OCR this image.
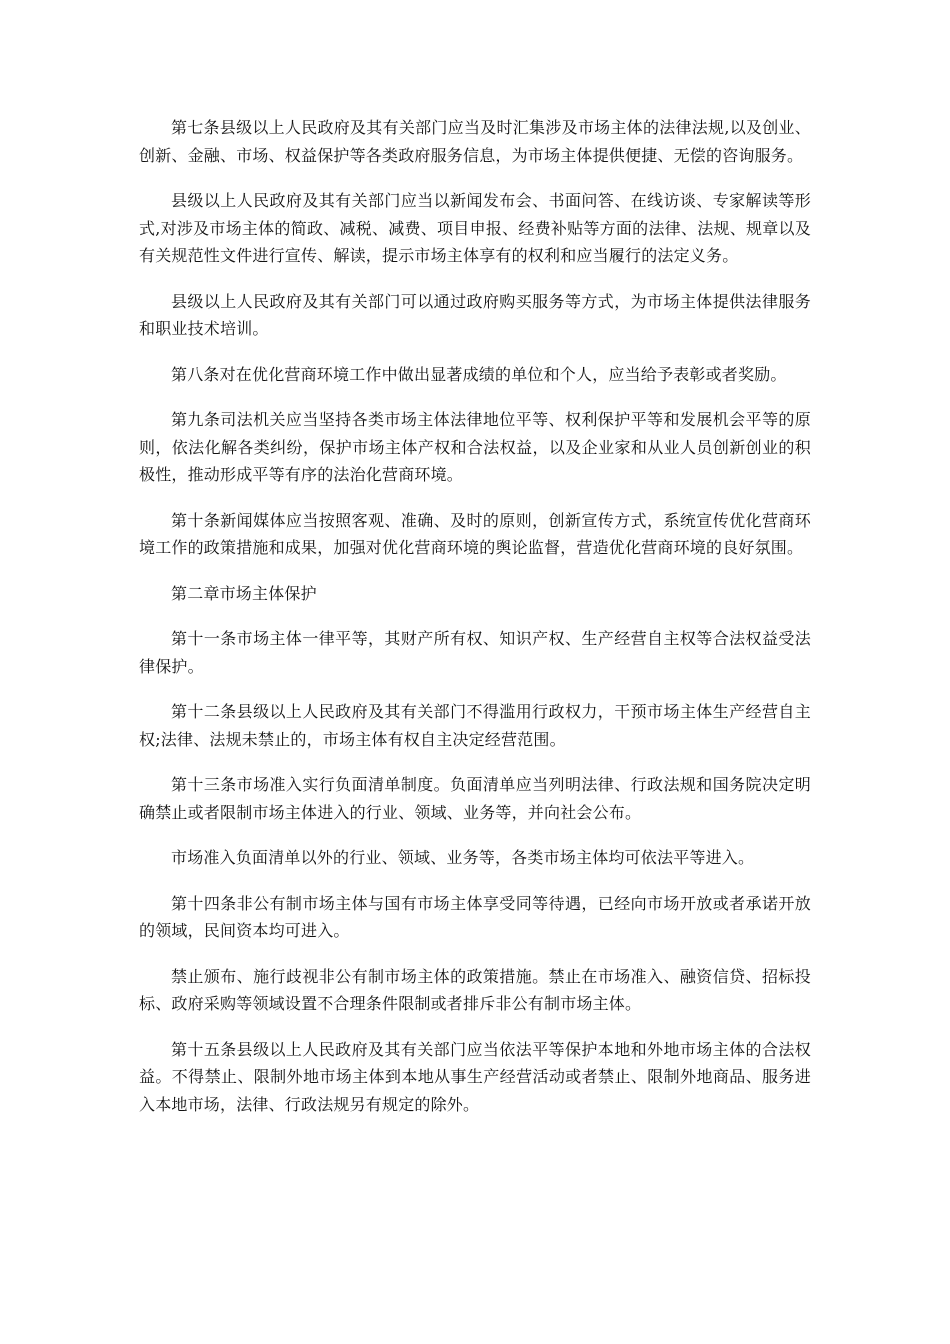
第七条县级以上人民政府及其有关部门应当及时汇集涉及市场主体的法律法规,以及创业、创新、金融、市场、权益保护等各类政府服务信息，为市场主体提供便捷、无偿的咨询服务。

县级以上人民政府及其有关部门应当以新闻发布会、书面问答、在线访谈、专家解读等形式,对涉及市场主体的简政、减税、减费、项目申报、经费补贴等方面的法律、法规、规章以及有关规范性文件进行宣传、解读，提示市场主体享有的权利和应当履行的法定义务。

县级以上人民政府及其有关部门可以通过政府购买服务等方式，为市场主体提供法律服务和职业技术培训。

第八条对在优化营商环境工作中做出显著成绩的单位和个人，应当给予表彰或者奖励。

第九条司法机关应当坚持各类市场主体法律地位平等、权利保护平等和发展机会平等的原则，依法化解各类纠纷，保护市场主体产权和合法权益，以及企业家和从业人员创新创业的积极性，推动形成平等有序的法治化营商环境。

第十条新闻媒体应当按照客观、准确、及时的原则，创新宣传方式，系统宣传优化营商环境工作的政策措施和成果，加强对优化营商环境的舆论监督，营造优化营商环境的良好氛围。

第二章市场主体保护

第十一条市场主体一律平等，其财产所有权、知识产权、生产经营自主权等合法权益受法律保护。

第十二条县级以上人民政府及其有关部门不得滥用行政权力，干预市场主体生产经营自主权;法律、法规未禁止的，市场主体有权自主决定经营范围。

第十三条市场准入实行负面清单制度。负面清单应当列明法律、行政法规和国务院决定明确禁止或者限制市场主体进入的行业、领域、业务等，并向社会公布。

市场准入负面清单以外的行业、领域、业务等，各类市场主体均可依法平等进入。

第十四条非公有制市场主体与国有市场主体享受同等待遇，已经向市场开放或者承诺开放的领域，民间资本均可进入。

禁止颁布、施行歧视非公有制市场主体的政策措施。禁止在市场准入、融资信贷、招标投标、政府采购等领域设置不合理条件限制或者排斥非公有制市场主体。

第十五条县级以上人民政府及其有关部门应当依法平等保护本地和外地市场主体的合法权益。不得禁止、限制外地市场主体到本地从事生产经营活动或者禁止、限制外地商品、服务进入本地市场，法律、行政法规另有规定的除外。
